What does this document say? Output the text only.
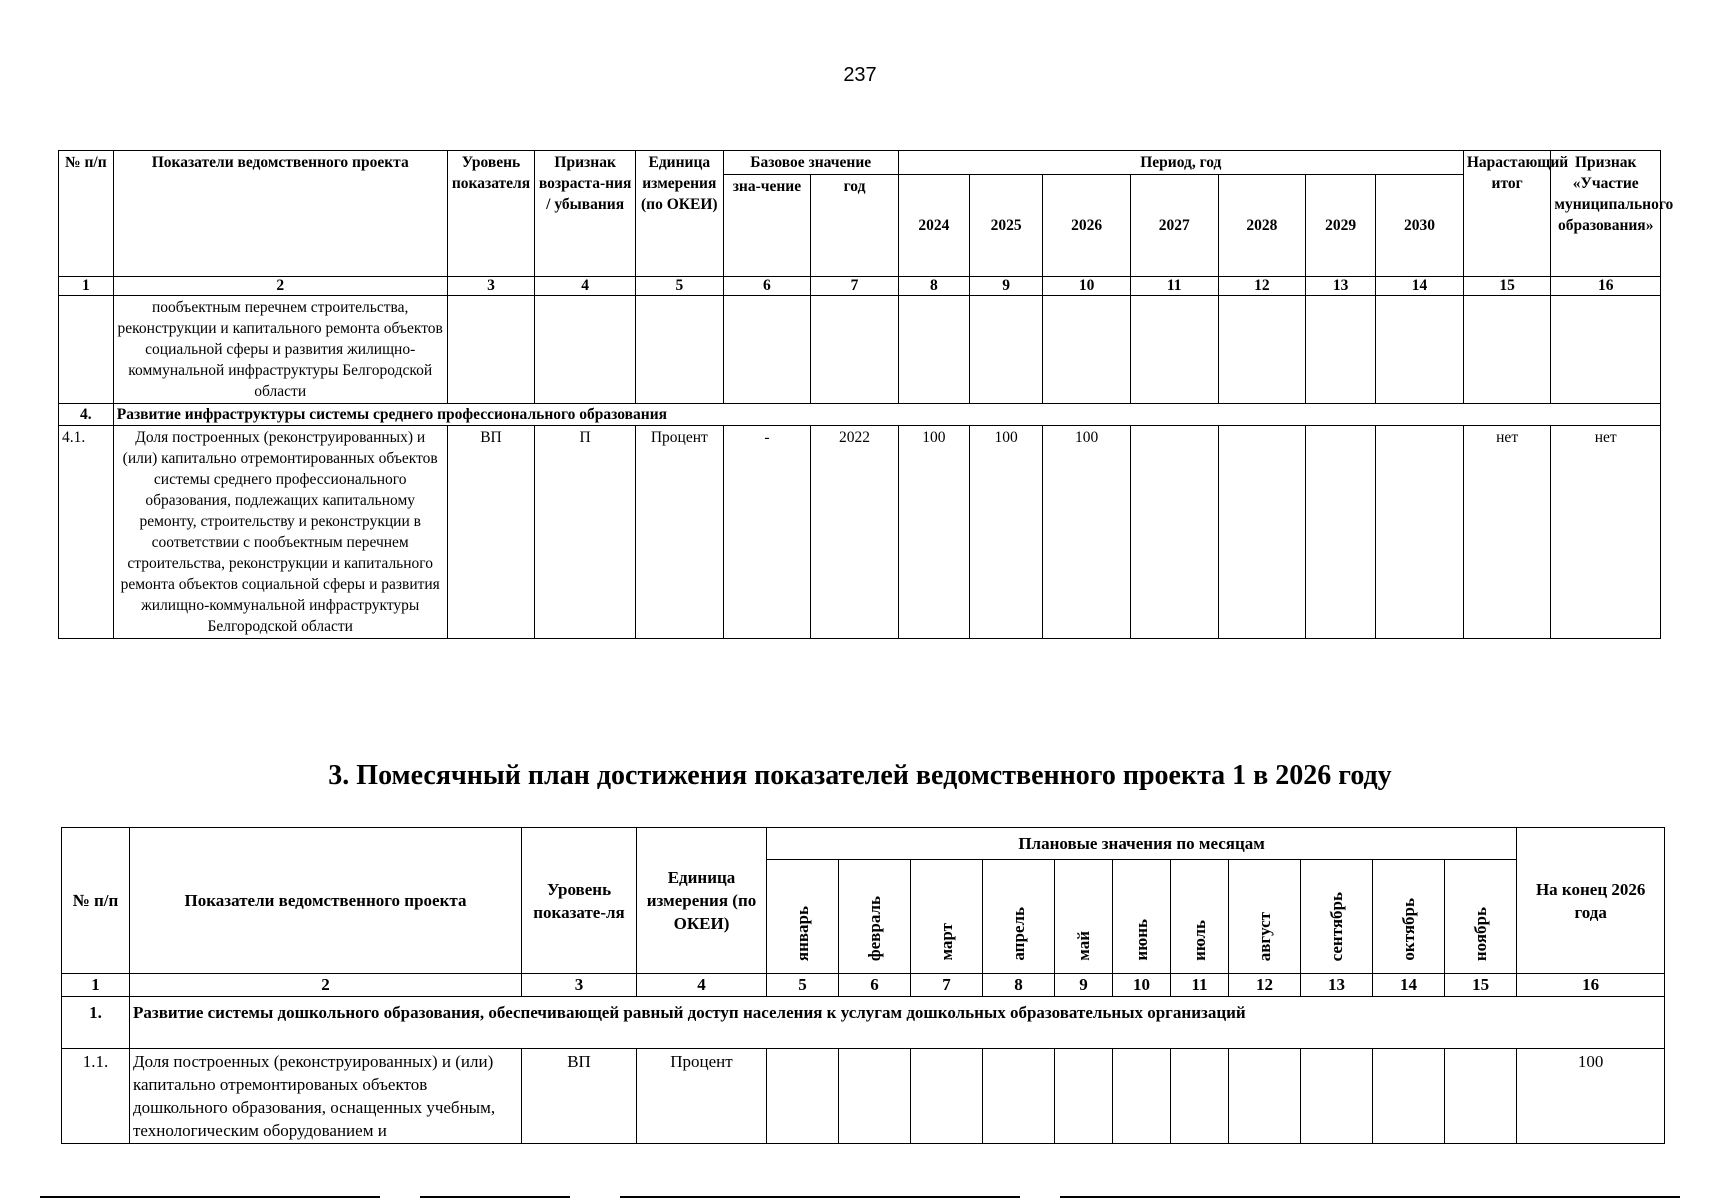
237
№ п/п	Показатели ведомственного проекта	Уровень показателя	Признак возраста-ния / убывания	Единица измерения (по ОКЕИ)	Базовое значение		Период, год							Нарастающий итог	Признак «Участие муниципального образования»
					зна-чение	год	2024	2025	2026	2027	2028	2029	2030		
1	2	3	4	5	6	7	8	9	10	11	12	13	14	15	16
	пообъектным перечнем строительства, реконструкции и капитального ремонта объектов социальной сферы и развития жилищно-коммунальной инфраструктуры Белгородской области														
4.	Развитие инфраструктуры системы среднего профессионального образования														
4.1.	Доля построенных (реконструированных) и (или) капитально отремонтированных объектов системы среднего профессионального образования, подлежащих капитальному ремонту, строительству и реконструкции в соответствии с пообъектным перечнем строительства, реконструкции и капитального ремонта объектов социальной сферы и развития жилищно-коммунальной инфраструктуры Белгородской области	ВП	П	Процент	-	2022	100	100	100					нет	нет
3. Помесячный план достижения показателей ведомственного проекта 1 в 2026 году
№ п/п	Показатели ведомственного проекта	Уровень показате-ля	Единица измерения (по ОКЕИ)	Плановые значения по месяцам											На конец 2026 года
				январь	февраль	март	апрель	май	июнь	июль	август	сентябрь	октябрь	ноябрь	
1	2	3	4	5	6	7	8	9	10	11	12	13	14	15	16
1.	Развитие системы дошкольного образования, обеспечивающей равный доступ населения к услугам дошкольных образовательных организаций														
1.1.	Доля построенных (реконструированных) и (или) капитально отремонтированых объектов дошкольного образования, оснащенных учебным, технологическим оборудованием и	ВП	Процент												100
